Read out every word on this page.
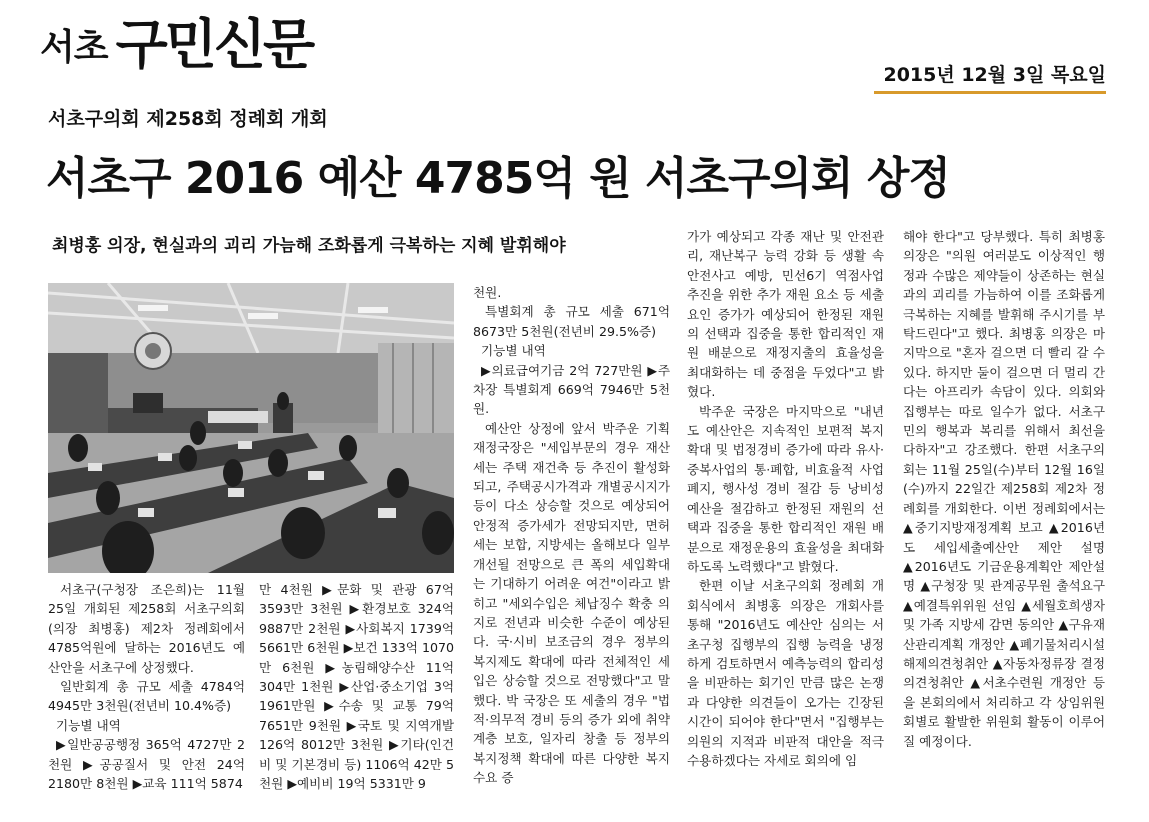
서초 구민신문	2015년 12월 3일 목요일
서초구의회 제258회 정례회 개회
서초구 2016 예산 4785억 원 서초구의회 상정
최병홍 의장, 현실과의 괴리 가늠해 조화롭게 극복하는 지혜 발휘해야

서초구(구청장 조은희)는 11월 25일 개회된 제258회 서초구의회(의장 최병홍) 제2차 정례회에서 4785억원에 달하는 2016년도 예산안을 서초구에 상정했다.

일반회계 총 규모 세출 4784억 4945만 3천원(전년비 10.4%증)

기능별 내역

▶일반공공행정 365억 4727만 2천원 ▶공공질서 및 안전 24억 2180만 8천원 ▶교육 111억 5874

만 4천원 ▶문화 및 관광 67억 3593만 3천원 ▶환경보호 324억 9887만 2천원 ▶사회복지 1739억 5661만 6천원 ▶보건 133억 1070만 6천원 ▶농림해양수산 11억 304만 1천원 ▶산업·중소기업 3억 1961만원 ▶수송 및 교통 79억 7651만 9천원 ▶국토 및 지역개발 126억 8012만 3천원 ▶기타(인건비 및 기본경비 등) 1106억 42만 5천원 ▶예비비 19억 5331만 9

천원.

특별회계 총 규모 세출 671억 8673만 5천원(전년비 29.5%증)

기능별 내역

▶의료급여기금 2억 727만원 ▶주차장 특별회계 669억 7946만 5천원.

예산안 상정에 앞서 박주운 기획재정국장은 "세입부문의 경우 재산세는 주택 재건축 등 추진이 활성화되고, 주택공시가격과 개별공시지가 등이 다소 상승할 것으로 예상되어 안정적 증가세가 전망되지만, 면허세는 보합, 지방세는 올해보다 일부 개선될 전망으로 큰 폭의 세입확대는 기대하기 어려운 여건"이라고 밝히고 "세외수입은 체납징수 확충 의지로 전년과 비슷한 수준이 예상된다. 국·시비 보조금의 경우 정부의 복지제도 확대에 따라 전체적인 세입은 상승할 것으로 전망했다"고 말했다. 박 국장은 또 세출의 경우 "법적·의무적 경비 등의 증가 외에 취약계층 보호, 일자리 창출 등 정부의 복지정책 확대에 따른 다양한 복지수요 증

가가 예상되고 각종 재난 및 안전관리, 재난복구 능력 강화 등 생활 속 안전사고 예방, 민선6기 역점사업 추진을 위한 추가 재원 요소 등 세출요인 증가가 예상되어 한정된 재원의 선택과 집중을 통한 합리적인 재원 배분으로 재정지출의 효율성을 최대화하는 데 중점을 두었다"고 밝혔다.

박주운 국장은 마지막으로 "내년도 예산안은 지속적인 보편적 복지확대 및 법정경비 증가에 따라 유사·중복사업의 통·폐합, 비효율적 사업 폐지, 행사성 경비 절감 등 낭비성 예산을 절감하고 한정된 재원의 선택과 집중을 통한 합리적인 재원 배분으로 재정운용의 효율성을 최대화 하도록 노력했다"고 밝혔다.

한편 이날 서초구의회 정례회 개회식에서 최병홍 의장은 개회사를 통해 "2016년도 예산안 심의는 서초구청 집행부의 집행 능력을 냉정하게 검토하면서 예측능력의 합리성을 비판하는 회기인 만큼 많은 논쟁과 다양한 의견들이 오가는 긴장된 시간이 되어야 한다"면서 "집행부는 의원의 지적과 비판적 대안을 적극 수용하겠다는 자세로 회의에 임

해야 한다"고 당부했다. 특히 최병홍 의장은 "의원 여러분도 이상적인 행정과 수많은 제약들이 상존하는 현실과의 괴리를 가늠하여 이를 조화롭게 극복하는 지혜를 발휘해 주시기를 부탁드린다"고 했다. 최병홍 의장은 마지막으로 "혼자 걸으면 더 빨리 갈 수 있다. 하지만 둘이 걸으면 더 멀리 간다는 아프리카 속담이 있다. 의회와 집행부는 따로 일수가 없다. 서초구민의 행복과 복리를 위해서 최선을 다하자"고 강조했다. 한편 서초구의회는 11월 25일(수)부터 12월 16일(수)까지 22일간 제258회 제2차 정례회를 개회한다. 이번 정례회에서는 ▲중기지방재정계획 보고 ▲2016년도 세입세출예산안 제안 설명 ▲2016년도 기금운용계획안 제안설명 ▲구청장 및 관계공무원 출석요구 ▲예결특위위원 선임 ▲세월호희생자 및 가족 지방세 감면 동의안 ▲구유재산관리계획 개정안 ▲폐기물처리시설 해제의견청취안 ▲자동차정류장 결정의견청취안 ▲서초수련원 개정안 등을 본회의에서 처리하고 각 상임위원회별로 활발한 위원회 활동이 이루어질 예정이다.
